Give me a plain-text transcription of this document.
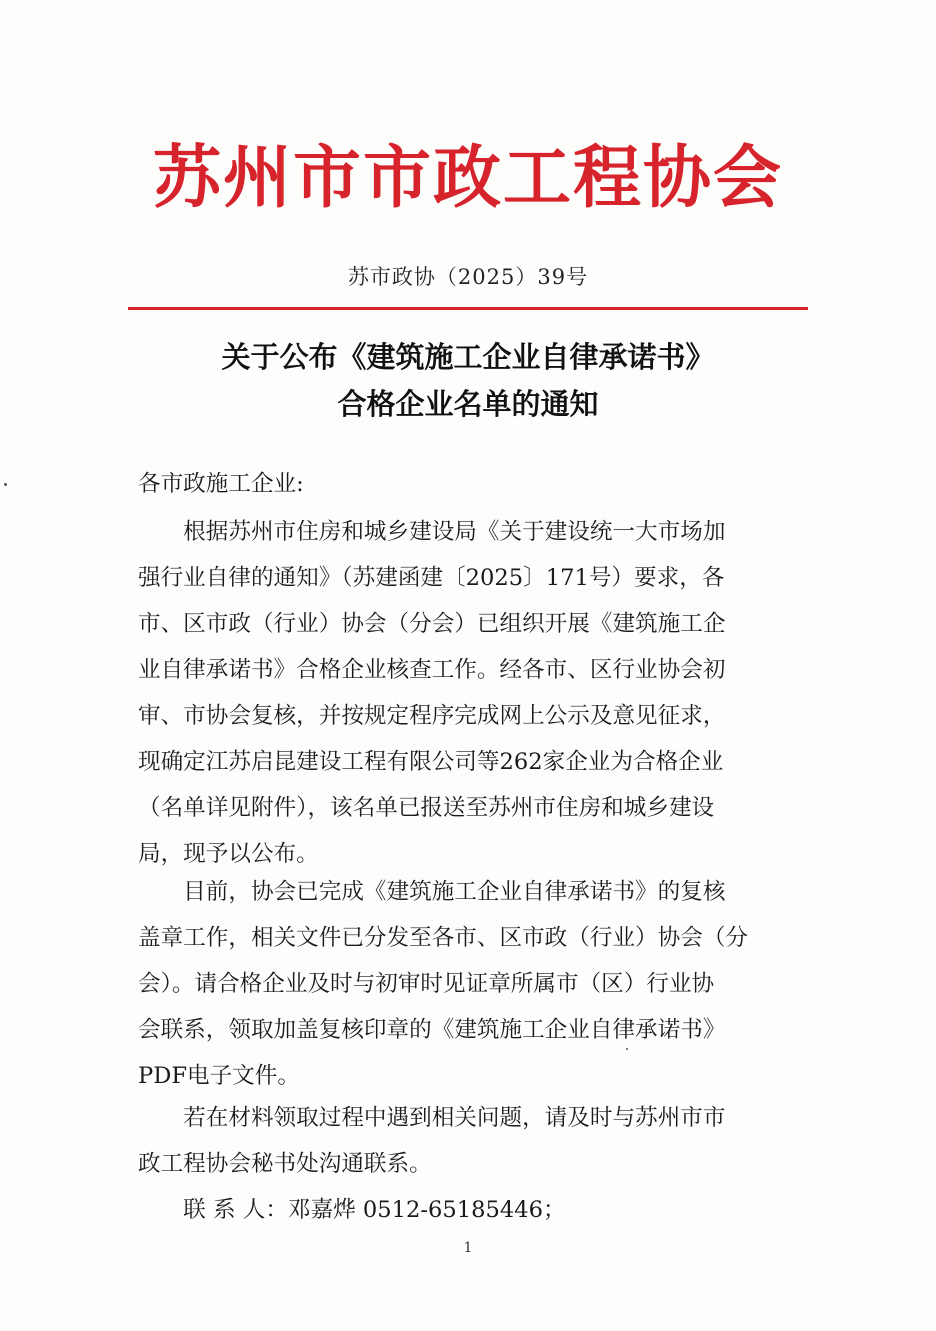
苏州市市政工程协会
苏市政协（2025）39号
关于公布《建筑施工企业自律承诺书》
合格企业名单的通知
各市政施工企业:
　　根据苏州市住房和城乡建设局《关于建设统一大市场加
强行业自律的通知》（苏建函建〔2025〕171号）要求，各
市、区市政（行业）协会（分会）已组织开展《建筑施工企
业自律承诺书》合格企业核查工作。经各市、区行业协会初
审、市协会复核，并按规定程序完成网上公示及意见征求，
现确定江苏启昆建设工程有限公司等262家企业为合格企业
（名单详见附件），该名单已报送至苏州市住房和城乡建设
局，现予以公布。
　　目前，协会已完成《建筑施工企业自律承诺书》的复核
盖章工作，相关文件已分发至各市、区市政（行业）协会（分
会）。请合格企业及时与初审时见证章所属市（区）行业协
会联系，领取加盖复核印章的《建筑施工企业自律承诺书》
PDF电子文件。
　　若在材料领取过程中遇到相关问题，请及时与苏州市市
政工程协会秘书处沟通联系。
　　联 系 人：邓嘉烨 0512-65185446；
1
